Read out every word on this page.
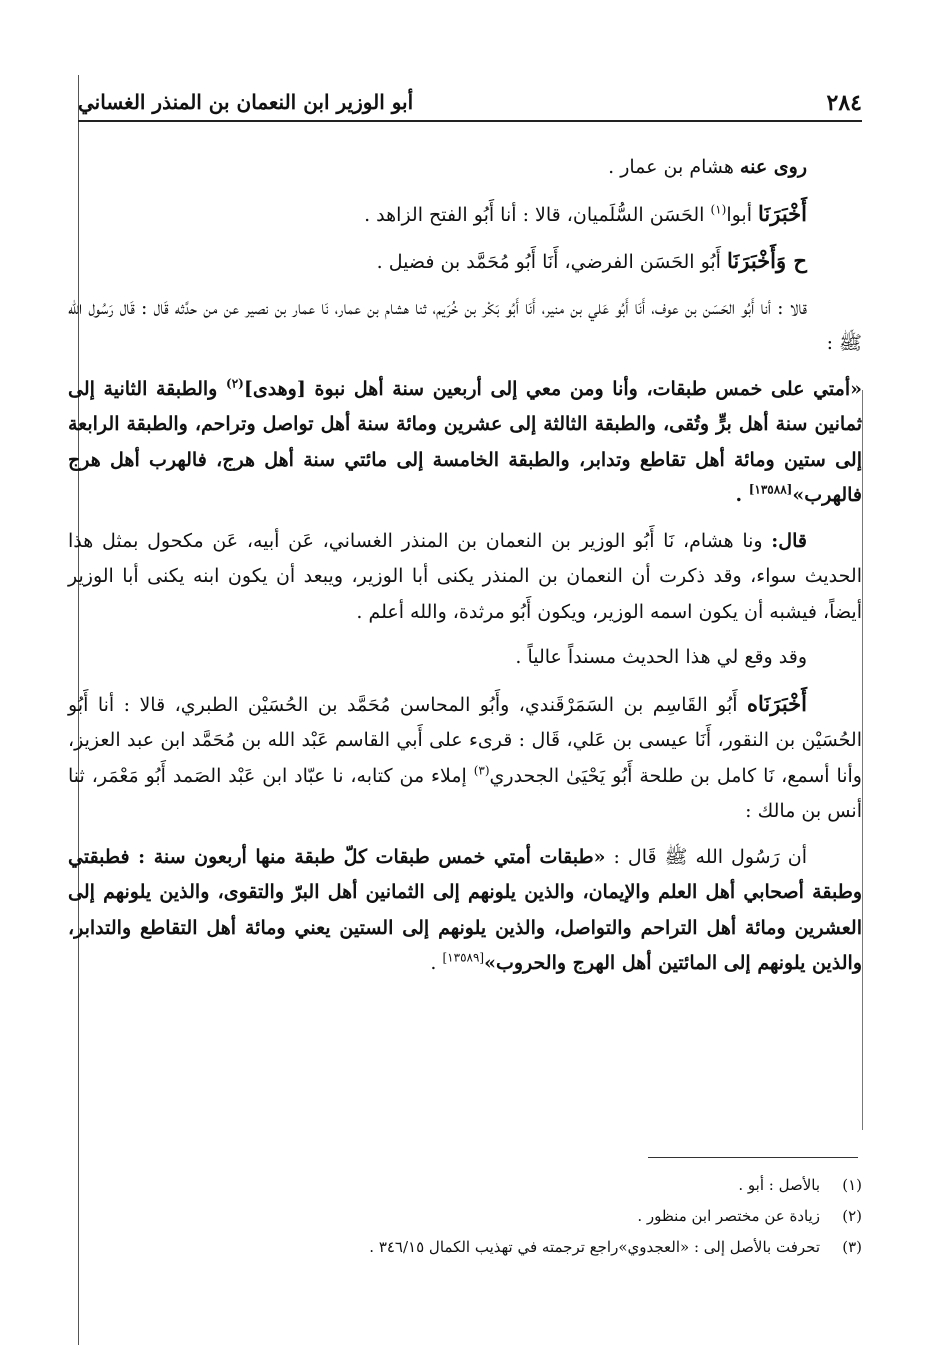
٢٨٤
أبو الوزير ابن النعمان بن المنذر الغساني

روى عنه هشام بن عمار .

أَخْبَرَنَا أبوا$^{(١)}$ الحَسَن السُّلَميان، قالا : أنا أَبُو الفتح الزاهد .

ح وَأَخْبَرَنَا أَبُو الحَسَن الفرضي، أَنَا أَبُو مُحَمَّد بن فضيل .

قالا : أنا أَبُو الحَسَن بن عوف، أَنَا أَبُو عَلي بن منير، أَنَا أَبُو بَكْر بن خُرَيم، ثنا هشام بن عمار، نَا عمار بن نصير عن من حدَّثه قَال : قَال رَسُول الله ﷺ :

«أمتي على خمس طبقات، وأنا ومن معي إلى أربعين سنة أهل نبوة [وهدى]$^{(٢)}$ والطبقة الثانية إلى ثمانين سنة أهل برٍّ وتُقى، والطبقة الثالثة إلى عشرين ومائة سنة أهل تواصل وتراحم، والطبقة الرابعة إلى ستين ومائة أهل تقاطع وتدابر، والطبقة الخامسة إلى مائتي سنة أهل هرج، فالهرب أهل هرج فالهرب»[١٣٥٨٨] .

قال: ونا هشام، نَا أَبُو الوزير بن النعمان بن المنذر الغساني، عَن أبيه، عَن مكحول بمثل هذا الحديث سواء، وقد ذكرت أن النعمان بن المنذر يكنى أبا الوزير، ويبعد أن يكون ابنه يكنى أبا الوزير أيضاً، فيشبه أن يكون اسمه الوزير، ويكون أَبُو مرثدة، والله أعلم .

وقد وقع لي هذا الحديث مسنداً عالياً .

أَخْبَرَنَاه أَبُو القَاسِم بن السَمَرْقَندي، وأَبُو المحاسن مُحَمَّد بن الحُسَيْن الطبري، قالا : أنا أَبُو الحُسَيْن بن النقور، أَنَا عيسى بن عَلي، قَال : قرىء على أَبي القاسم عَبْد الله بن مُحَمَّد ابن عبد العزيز، وأنا أسمع، نَا كامل بن طلحة أَبُو يَحْيَىٰ الجحدري$^{(٣)}$ إملاء من كتابه، نا عبّاد ابن عَبْد الصَمد أَبُو مَعْمَر، ثنا أنس بن مالك :

أن رَسُول الله ﷺ قَال : «طبقات أمتي خمس طبقات كلّ طبقة منها أربعون سنة : فطبقتي وطبقة أصحابي أهل العلم والإيمان، والذين يلونهم إلى الثمانين أهل البرّ والتقوى، والذين يلونهم إلى العشرين ومائة أهل التراحم والتواصل، والذين يلونهم إلى الستين يعني ومائة أهل التقاطع والتدابر، والذين يلونهم إلى المائتين أهل الهرج والحروب»[١٣٥٨٩] .

(١)بالأصل : أبو .

(٢)زيادة عن مختصر ابن منظور .

(٣)تحرفت بالأصل إلى : «العجدوي»راجع ترجمته في تهذيب الكمال ٣٤٦/١٥ .
